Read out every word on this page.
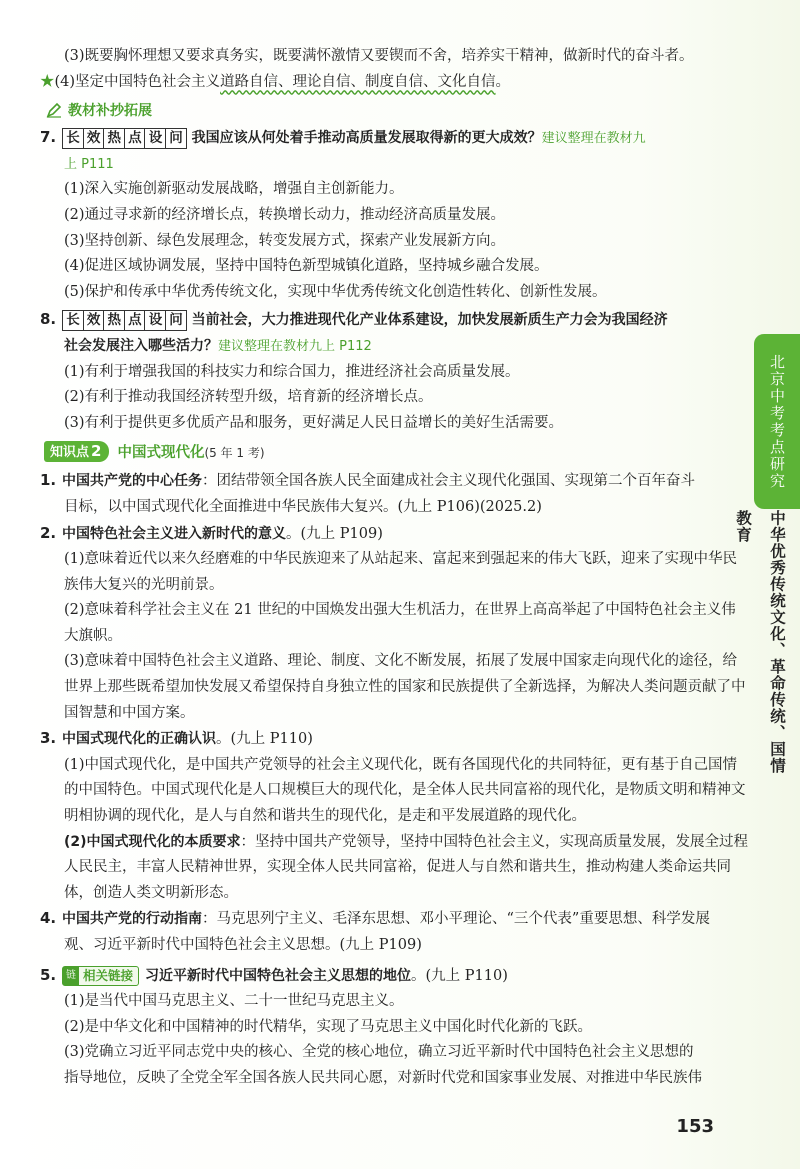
(3)既要胸怀理想又要求真务实，既要满怀激情又要锲而不舍，培养实干精神，做新时代的奋斗者。
★(4)坚定中国特色社会主义道路自信、理论自信、制度自信、文化自信。
教材补抄拓展
7. 长 效 热 点 设 问 我国应该从何处着手推动高质量发展取得新的更大成效？建议整理在教材九
上 P111
(1)深入实施创新驱动发展战略，增强自主创新能力。
(2)通过寻求新的经济增长点，转换增长动力，推动经济高质量发展。
(3)坚持创新、绿色发展理念，转变发展方式，探索产业发展新方向。
(4)促进区域协调发展，坚持中国特色新型城镇化道路，坚持城乡融合发展。
(5)保护和传承中华优秀传统文化，实现中华优秀传统文化创造性转化、创新性发展。
8. 长 效 热 点 设 问 当前社会，大力推进现代化产业体系建设，加快发展新质生产力会为我国经济
社会发展注入哪些活力？建议整理在教材九上 P112
(1)有利于增强我国的科技实力和综合国力，推进经济社会高质量发展。
(2)有利于推动我国经济转型升级，培育新的经济增长点。
(3)有利于提供更多优质产品和服务，更好满足人民日益增长的美好生活需要。
知识点 2	中国式现代化(5 年 1 考)
1. 中国共产党的中心任务：团结带领全国各族人民全面建成社会主义现代化强国、实现第二个百年奋斗
目标，以中国式现代化全面推进中华民族伟大复兴。(九上 P106)(2025.2)
2. 中国特色社会主义进入新时代的意义。(九上 P109)
(1)意味着近代以来久经磨难的中华民族迎来了从站起来、富起来到强起来的伟大飞跃，迎来了实现中华民族伟大复兴的光明前景。
(2)意味着科学社会主义在 21 世纪的中国焕发出强大生机活力，在世界上高高举起了中国特色社会主义伟大旗帜。
(3)意味着中国特色社会主义道路、理论、制度、文化不断发展，拓展了发展中国家走向现代化的途径，给世界上那些既希望加快发展又希望保持自身独立性的国家和民族提供了全新选择，为解决人类问题贡献了中国智慧和中国方案。
3. 中国式现代化的正确认识。(九上 P110)
(1)中国式现代化，是中国共产党领导的社会主义现代化，既有各国现代化的共同特征，更有基于自己国情的中国特色。中国式现代化是人口规模巨大的现代化，是全体人民共同富裕的现代化，是物质文明和精神文明相协调的现代化，是人与自然和谐共生的现代化，是走和平发展道路的现代化。
(2)中国式现代化的本质要求：坚持中国共产党领导，坚持中国特色社会主义，实现高质量发展，发展全过程人民民主，丰富人民精神世界，实现全体人民共同富裕，促进人与自然和谐共生，推动构建人类命运共同体，创造人类文明新形态。
4. 中国共产党的行动指南：马克思列宁主义、毛泽东思想、邓小平理论、“三个代表”重要思想、科学发展
观、习近平新时代中国特色社会主义思想。(九上 P109)
5. 链 相关链接 习近平新时代中国特色社会主义思想的地位。(九上 P110)
(1)是当代中国马克思主义、二十一世纪马克思主义。
(2)是中华文化和中国精神的时代精华，实现了马克思主义中国化时代化新的飞跃。
(3)党确立习近平同志党中央的核心、全党的核心地位，确立习近平新时代中国特色社会主义思想的
指导地位，反映了全党全军全国各族人民共同心愿，对新时代党和国家事业发展、对推进中华民族伟
北京中考考点研究
中华优秀传统文化、革命传统、国情教育
153
